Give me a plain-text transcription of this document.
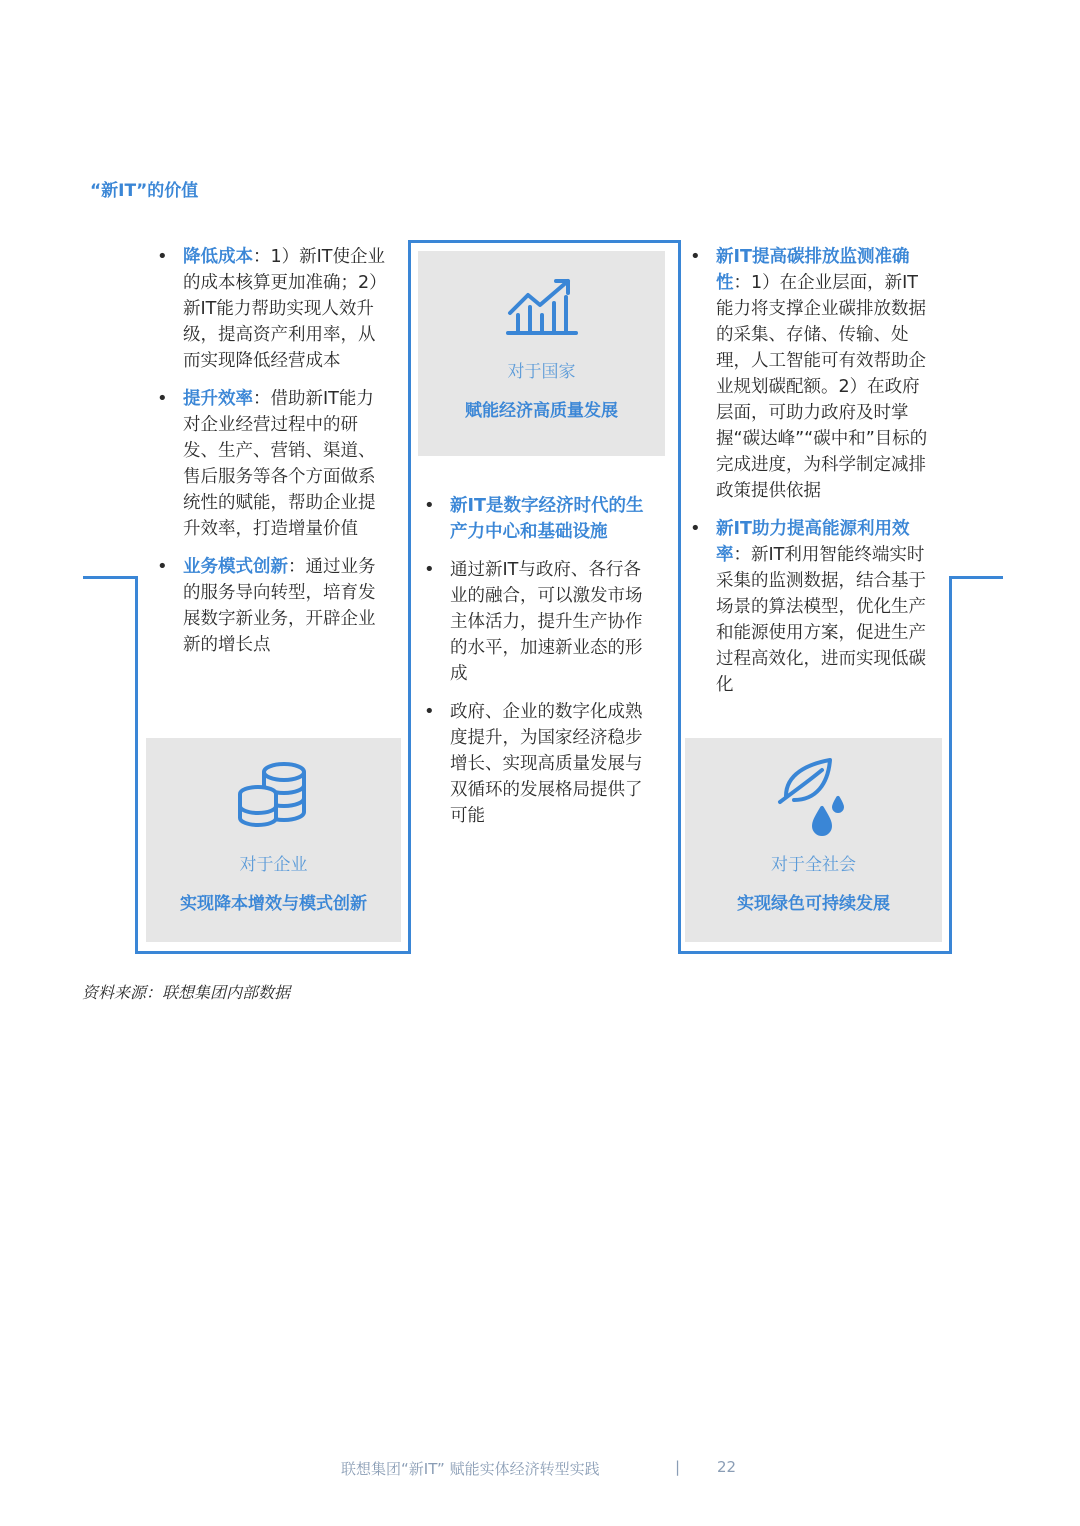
“新IT”的价值
• 降低成本：1）新IT使企业的成本核算更加准确；2）新IT能力帮助实现人效升级，提高资产利用率，从而实现降低经营成本
• 提升效率：借助新IT能力对企业经营过程中的研发、生产、营销、渠道、售后服务等各个方面做系统性的赋能，帮助企业提升效率，打造增量价值
• 业务模式创新：通过业务的服务导向转型，培育发展数字新业务，开辟企业新的增长点
对于企业
实现降本增效与模式创新
对于国家
赋能经济高质量发展
• 新IT是数字经济时代的生产力中心和基础设施
• 通过新IT与政府、各行各业的融合，可以激发市场主体活力，提升生产协作的水平，加速新业态的形成
• 政府、企业的数字化成熟度提升，为国家经济稳步增长、实现高质量发展与双循环的发展格局提供了可能
• 新IT提高碳排放监测准确性：1）在企业层面，新IT能力将支撑企业碳排放数据的采集、存储、传输、处理，人工智能可有效帮助企业规划碳配额。2）在政府层面，可助力政府及时掌握“碳达峰”“碳中和”目标的完成进度，为科学制定减排政策提供依据
• 新IT助力提高能源利用效率：新IT利用智能终端实时采集的监测数据，结合基于场景的算法模型，优化生产和能源使用方案，促进生产过程高效化，进而实现低碳化
对于全社会
实现绿色可持续发展
资料来源：联想集团内部数据
联想集团“新IT” 赋能实体经济转型实践	| 22
